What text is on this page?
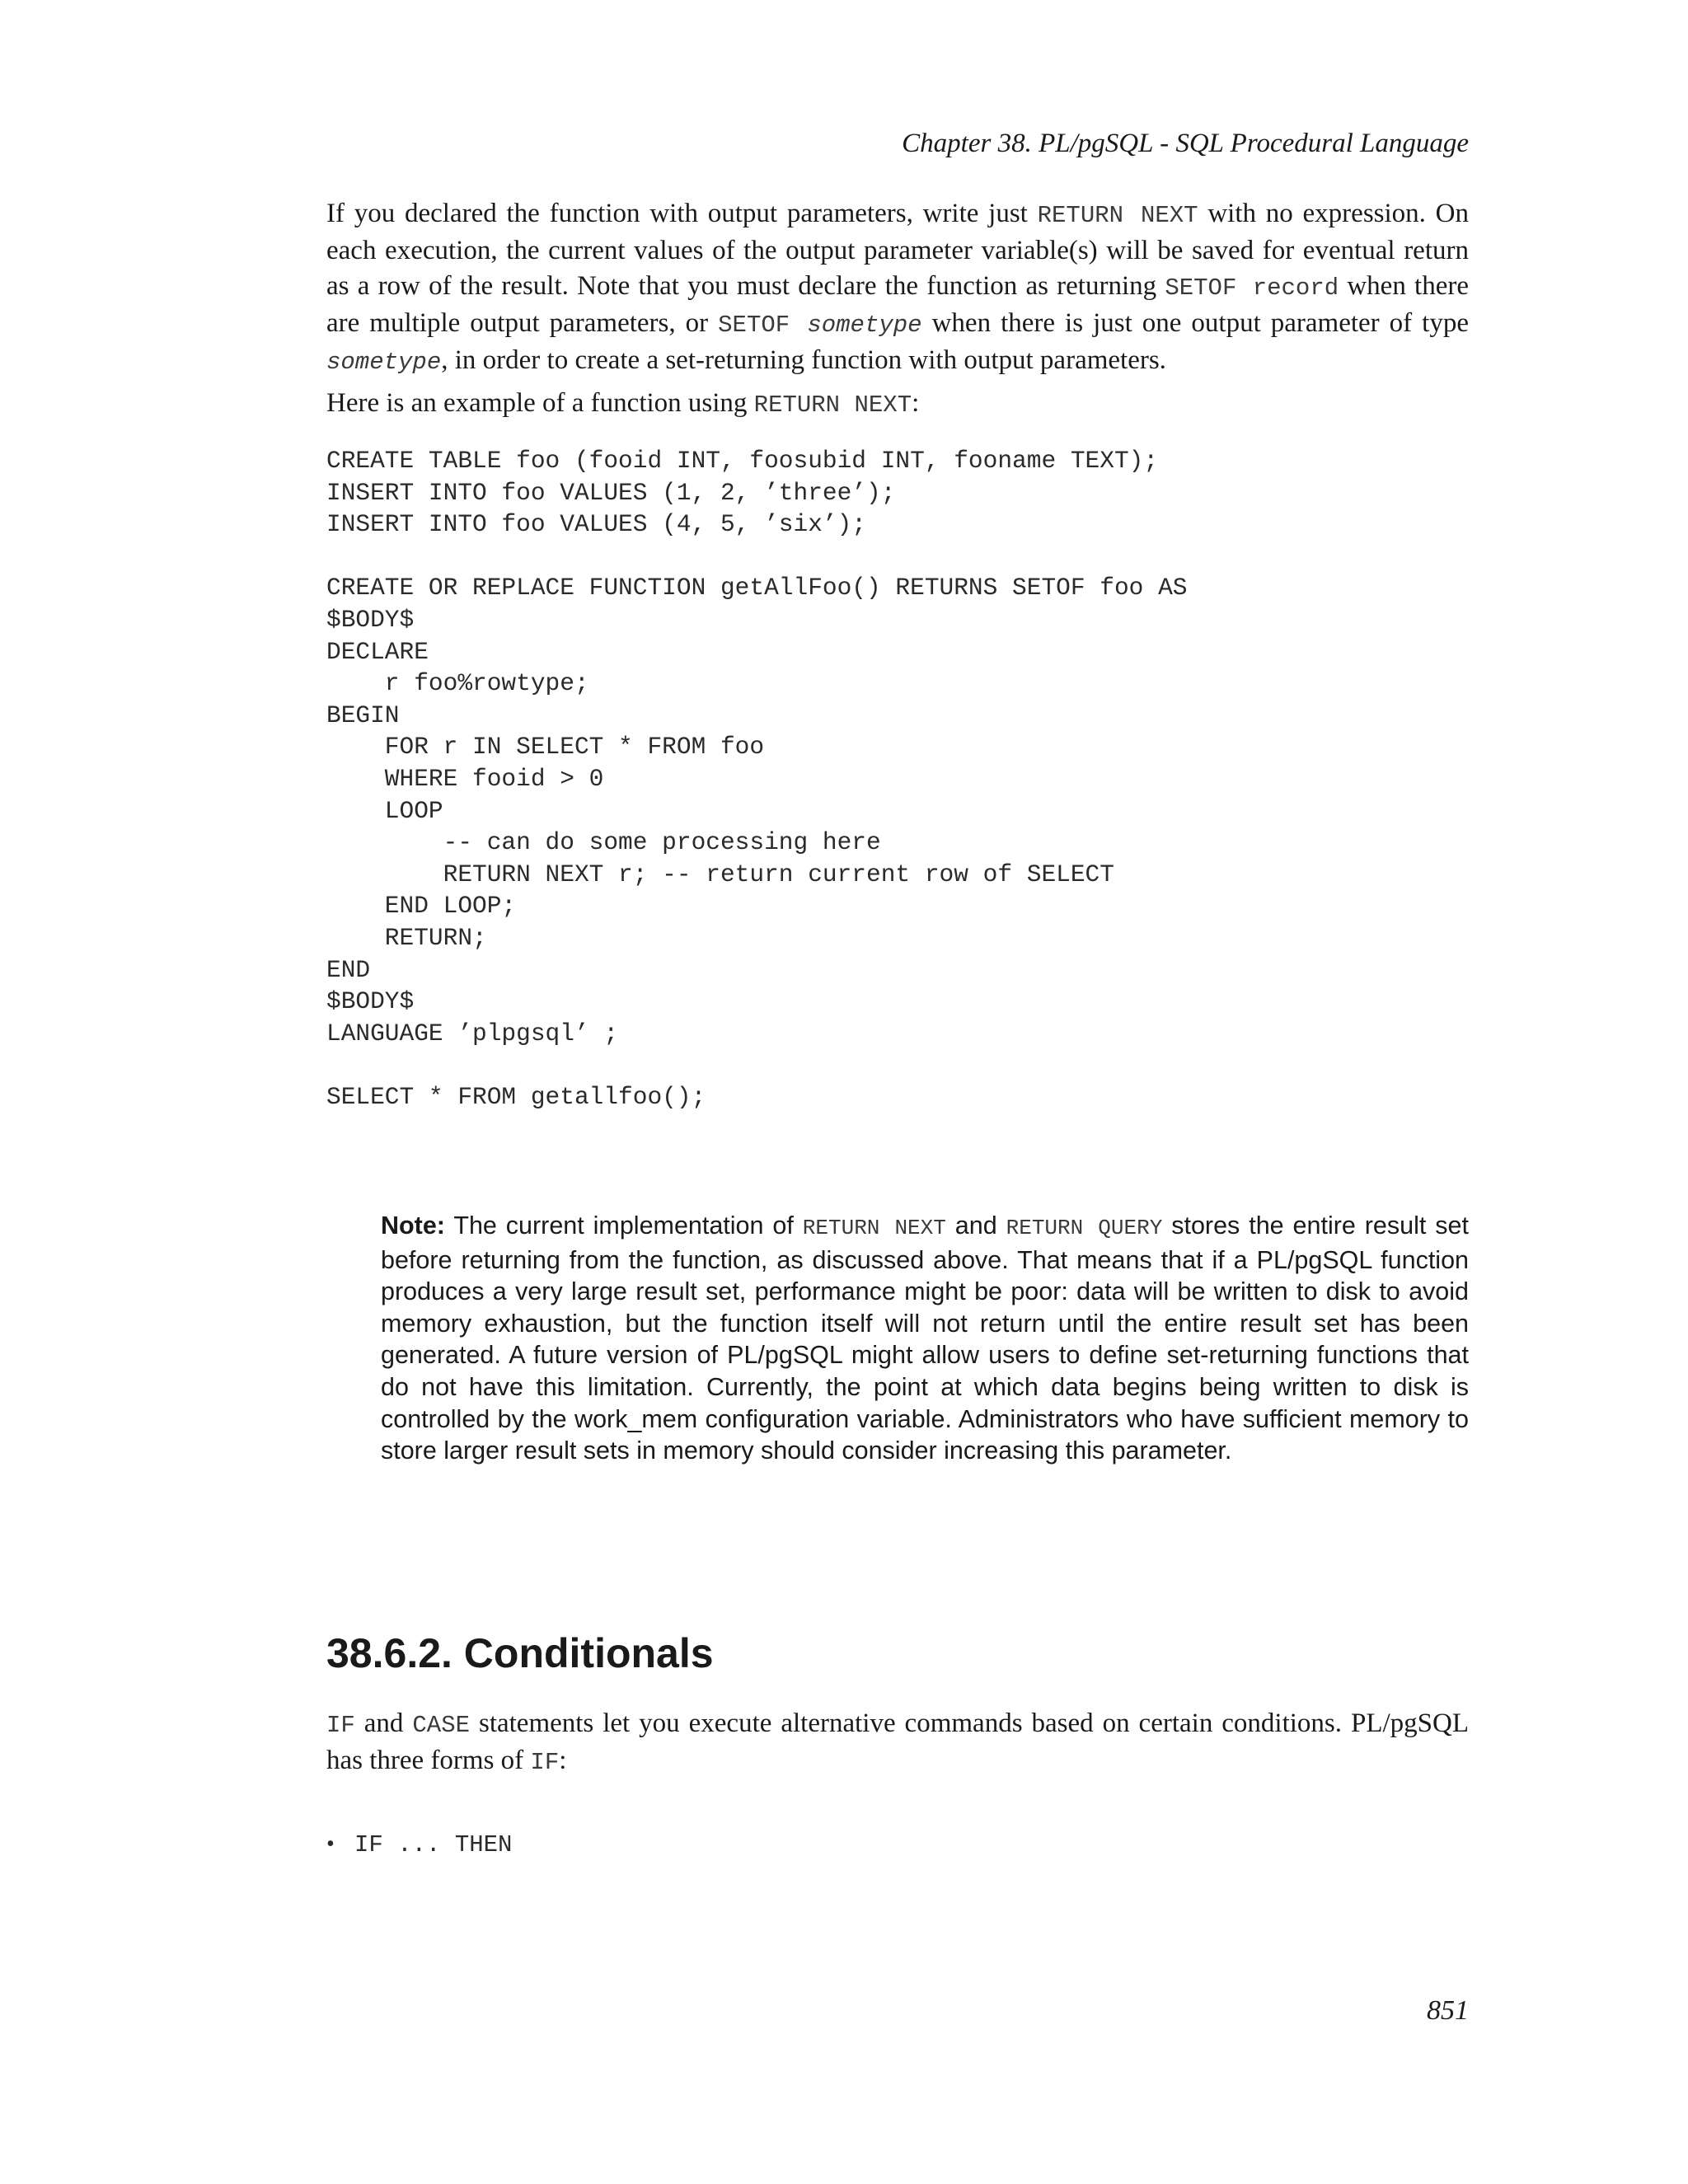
Chapter 38. PL/pgSQL - SQL Procedural Language

If you declared the function with output parameters, write just RETURN NEXT with no expression. On each execution, the current values of the output parameter variable(s) will be saved for eventual return as a row of the result. Note that you must declare the function as returning SETOF record when there are multiple output parameters, or SETOF sometype when there is just one output parameter of type sometype, in order to create a set-returning function with output parameters.

Here is an example of a function using RETURN NEXT:

CREATE TABLE foo (fooid INT, foosubid INT, fooname TEXT);
INSERT INTO foo VALUES (1, 2, ’three’);
INSERT INTO foo VALUES (4, 5, ’six’);

CREATE OR REPLACE FUNCTION getAllFoo() RETURNS SETOF foo AS
$BODY$
DECLARE
r foo%rowtype;
BEGIN
FOR r IN SELECT * FROM foo
WHERE fooid > 0
LOOP
-- can do some processing here
RETURN NEXT r; -- return current row of SELECT
END LOOP;
RETURN;
END
$BODY$
LANGUAGE ’plpgsql’ ;

SELECT * FROM getallfoo();

Note: The current implementation of RETURN NEXT and RETURN QUERY stores the entire result set before returning from the function, as discussed above. That means that if a PL/pgSQL function produces a very large result set, performance might be poor: data will be written to disk to avoid memory exhaustion, but the function itself will not return until the entire result set has been generated. A future version of PL/pgSQL might allow users to define set-returning functions that do not have this limitation. Currently, the point at which data begins being written to disk is controlled by the work_mem configuration variable. Administrators who have sufficient memory to store larger result sets in memory should consider increasing this parameter.

38.6.2. Conditionals

IF and CASE statements let you execute alternative commands based on certain conditions. PL/pgSQL has three forms of IF:

• IF ... THEN
851
